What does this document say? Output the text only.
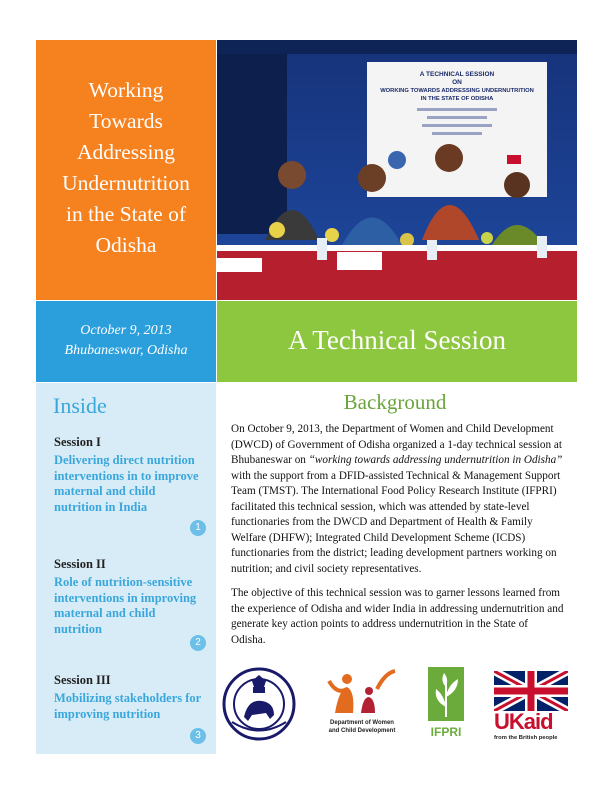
Working
Towards
Addressing
Undernutrition
in the State of
Odisha
A TECHNICAL SESSION
ON
WORKING TOWARDS ADDRESSING UNDERNUTRITION
IN THE STATE OF ODISHA
October 9, 2013
Bhubaneswar, Odisha	A Technical Session
Inside
Session I
Delivering direct nutrition interventions in to improve maternal and child nutrition in India
1
Session II
Role of nutrition-sensitive interventions in improving maternal and child nutrition
2
Session III
Mobilizing stakeholders for improving nutrition
3
Background

On October 9, 2013, the Department of Women and Child Development (DWCD) of Government of Odisha organized a 1-day technical session at Bhubaneswar on “working towards addressing undernutrition in Odisha” with the support from a DFID-assisted Technical & Management Support Team (TMST). The International Food Policy Research Institute (IFPRI) facilitated this technical session, which was attended by state-level functionaries from the DWCD and Department of Health & Family Welfare (DHFW); Integrated Child Development Scheme (ICDS) functionaries from the district; leading development partners working on nutrition; and civil society representatives.

The objective of this technical session was to garner lessons learned from the experience of Odisha and wider India in addressing undernutrition and generate key action points to address undernutrition in the State of Odisha.

Department of Women
and Child Development	IFPRI	UKaid
from the British people
